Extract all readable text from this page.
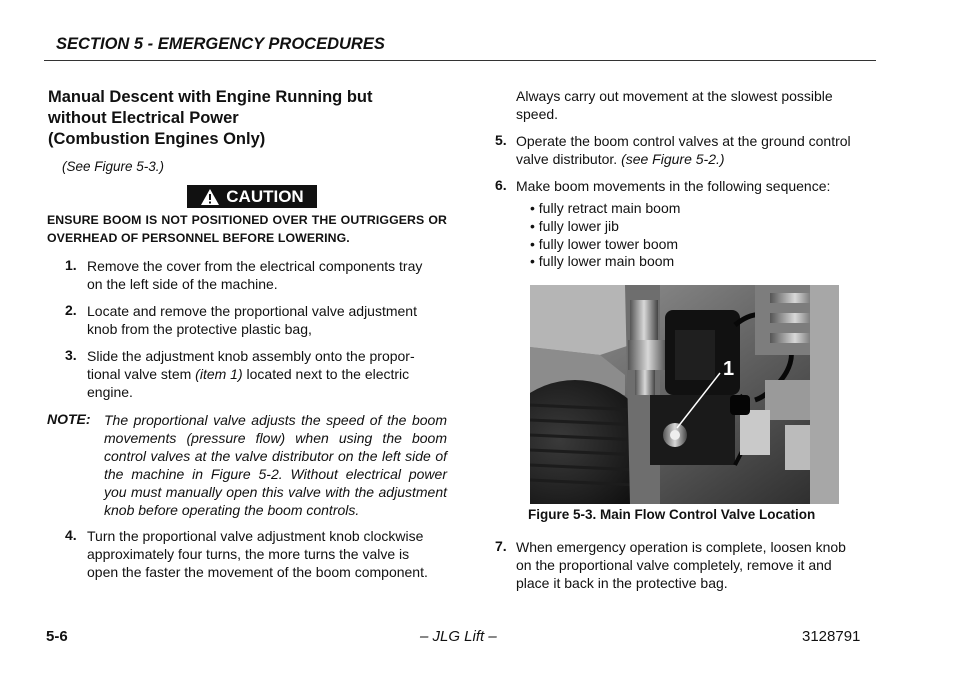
SECTION 5 - EMERGENCY PROCEDURES
Manual Descent with Engine Running but
without Electrical Power
(Combustion Engines Only)
(See Figure 5-3.)
CAUTION
ENSURE BOOM IS NOT POSITIONED OVER THE OUTRIGGERS OR
OVERHEAD OF PERSONNEL BEFORE LOWERING.
1. Remove the cover from the electrical components tray
on the left side of the machine.
2. Locate and remove the proportional valve adjustment
knob from the protective plastic bag,
3. Slide the adjustment knob assembly onto the propor-
tional valve stem (item 1) located next to the electric
engine.
NOTE: The proportional valve adjusts the speed of the boom
movements (pressure flow) when using the boom
control valves at the valve distributor on the left side of
the machine in Figure 5-2. Without electrical power
you must manually open this valve with the adjustment
knob before operating the boom controls.
4. Turn the proportional valve adjustment knob clockwise
approximately four turns, the more turns the valve is
open the faster the movement of the boom component.
Always carry out movement at the slowest possible
speed.
5. Operate the boom control valves at the ground control
valve distributor. (see Figure 5-2.)
6. Make boom movements in the following sequence:
• fully retract main boom
• fully lower jib
• fully lower tower boom
• fully lower main boom
1
Figure 5-3. Main Flow Control Valve Location
7. When emergency operation is complete, loosen knob
on the proportional valve completely, remove it and
place it back in the protective bag.
5-6	– JLG Lift –	3128791
